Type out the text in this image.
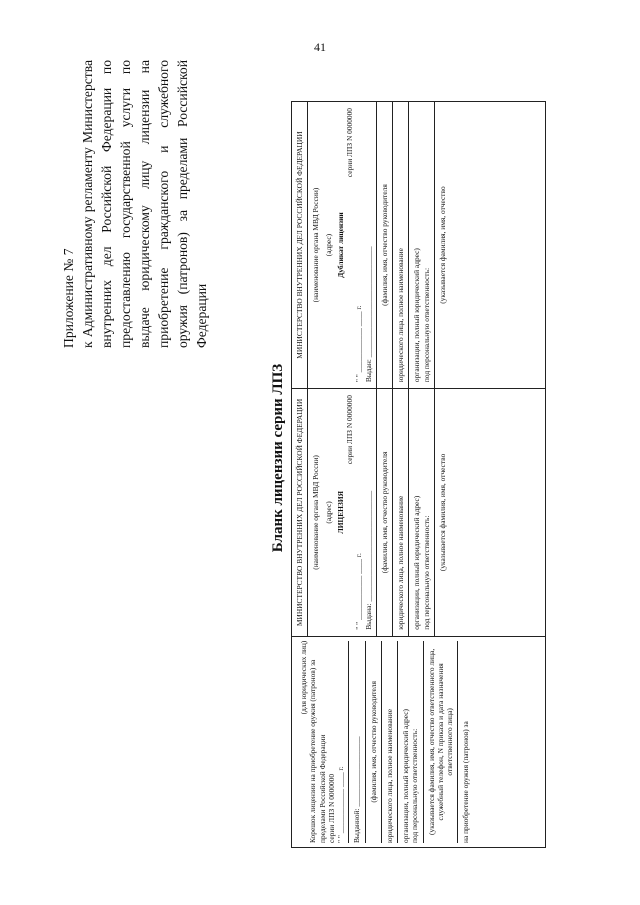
41
Приложение № 7 к Административному регламенту Министерства внутренних дел Российской Федерации по предоставлению государственной услуги по выдаче юридическому лицу лицензии на приобретение гражданского и служебного оружия (патронов) за пределами Российской Федерации
Бланк лицензии серии ЛПЗ
(для юридических лиц) Корешок лицензии на приобретение оружия (патронов) за пределами Российской Федерации серии ЛПЗ N 0000000 " " ____________ ____ г. Выданной: ___________________ (фамилия, имя, отчество руководителя юридического лица, полное наименование организации, полный юридический адрес) под персональную ответственность: (указывается фамилия, имя, отчество ответственного лица, служебный телефон, N приказа и дата назначения ответственного лица) на приобретение оружия (патронов) за
МИНИСТЕРСТВО ВНУТРЕННИХ ДЕЛ РОССИЙСКОЙ ФЕДЕРАЦИИ (наименование органа МВД России) (адрес) ЛИЦЕНЗИЯ
серии ЛПЗ N 0000000
" " ____________ ____ г. Выдана: ______________________________ (фамилия, имя, отчество руководителя юридического лица, полное наименование организации, полный юридический адрес) под персональную ответственность:
(указывается фамилия, имя, отчество
МИНИСТЕРСТВО ВНУТРЕННИХ ДЕЛ РОССИЙСКОЙ ФЕДЕРАЦИИ (наименование органа МВД России) (адрес) Дубликат лицензии
серии ЛПЗ N 0000000
" " ____________ ____ г. Выдан: ______________________________
(фамилия, имя, отчество руководителя
юридического лица, полное наименование организации, полный юридический адрес) под персональную ответственность:
(указывается фамилия, имя, отчество
